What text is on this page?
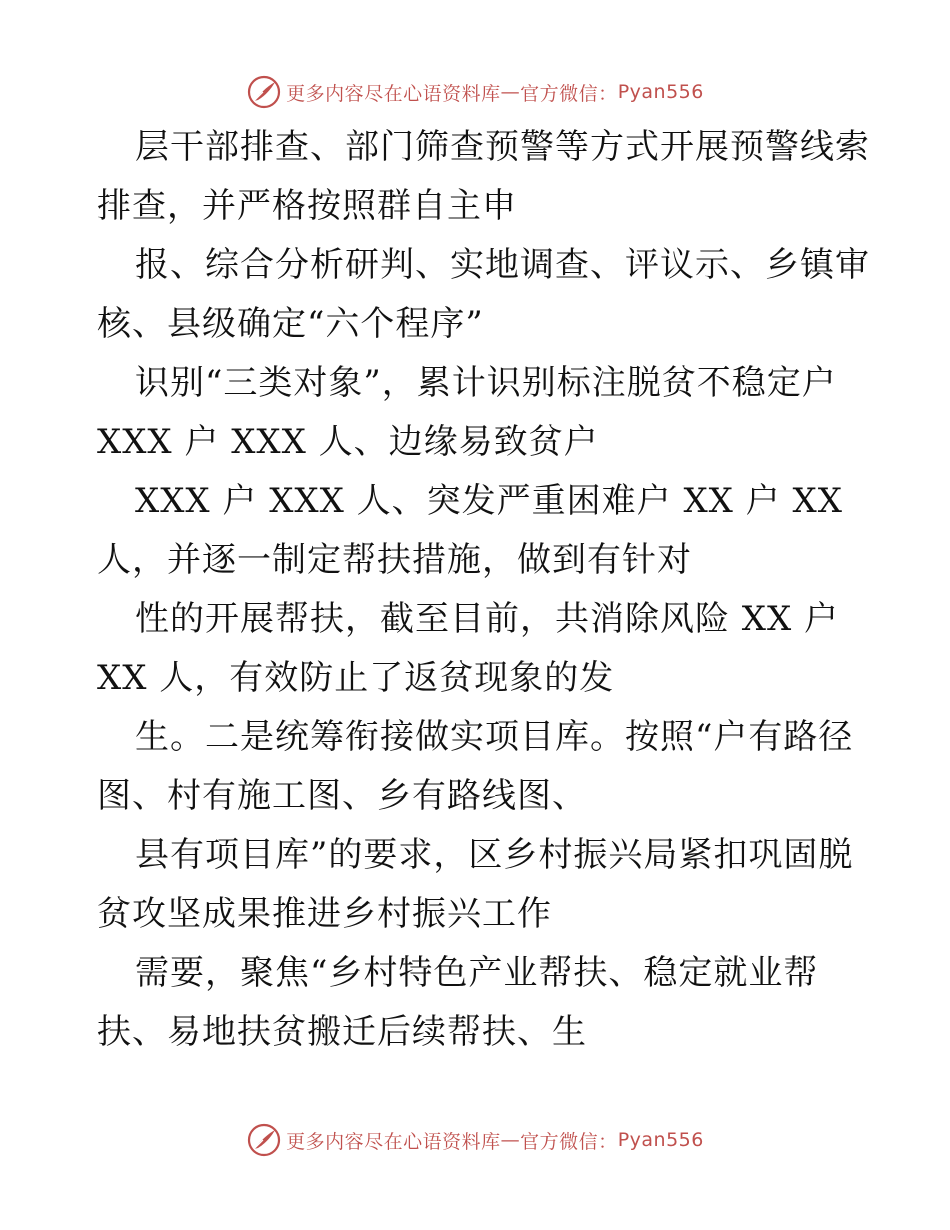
更多内容尽在心语资料库 — 官方微信： Pyan556
层干部排查、部门筛查预警等方式开展预警线索
排查，并严格按照群自主申
报、综合分析研判、实地调查、评议示、乡镇审
核、县级确定“六个程序”
识别“三类对象”，累计识别标注脱贫不稳定户
XXX 户 XXX 人、边缘易致贫户
XXX 户 XXX 人、突发严重困难户 XX 户 XX
人，并逐一制定帮扶措施，做到有针对
性的开展帮扶，截至目前，共消除风险 XX 户
XX 人，有效防止了返贫现象的发
生。二是统筹衔接做实项目库。按照“户有路径
图、村有施工图、乡有路线图、
县有项目库”的要求，区乡村振兴局紧扣巩固脱
贫攻坚成果推进乡村振兴工作
需要，聚焦“乡村特色产业帮扶、稳定就业帮
扶、易地扶贫搬迁后续帮扶、生
更多内容尽在心语资料库 — 官方微信： Pyan556
